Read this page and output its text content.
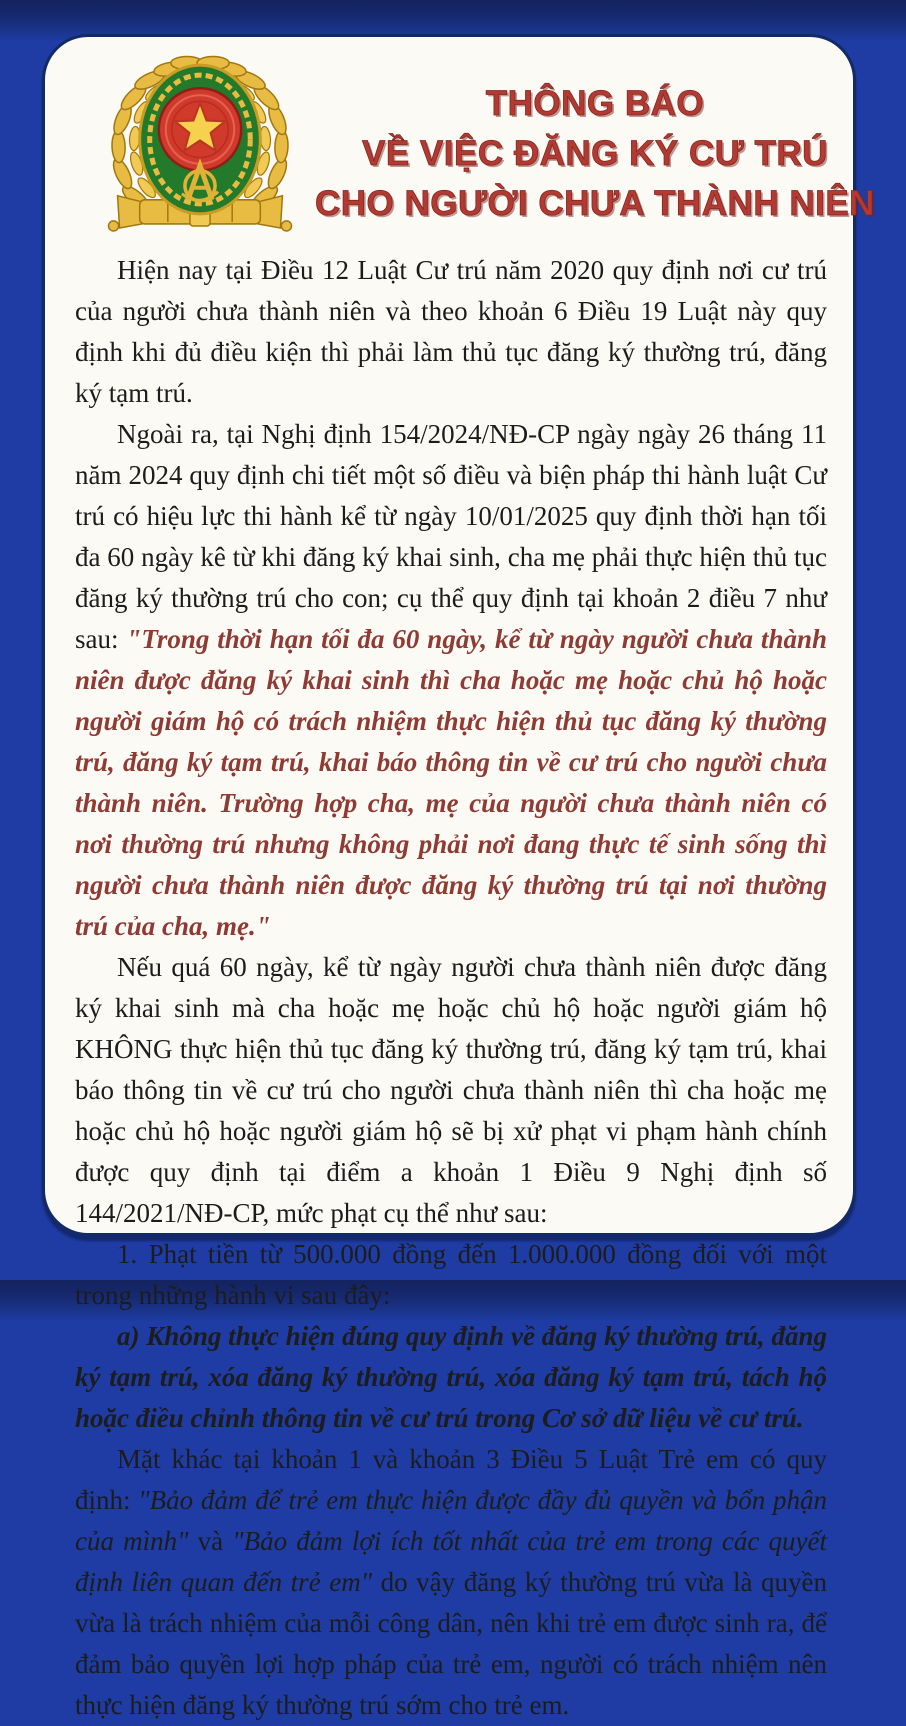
THÔNG BÁO
VỀ VIỆC ĐĂNG KÝ CƯ TRÚ
CHO NGƯỜI CHƯA THÀNH NIÊN

Hiện nay tại Điều 12 Luật Cư trú năm 2020 quy định nơi cư trú của người chưa thành niên và theo khoản 6 Điều 19 Luật này quy định khi đủ điều kiện thì phải làm thủ tục đăng ký thường trú, đăng ký tạm trú.

Ngoài ra, tại Nghị định 154/2024/NĐ-CP ngày ngày 26 tháng 11 năm 2024 quy định chi tiết một số điều và biện pháp thi hành luật Cư trú có hiệu lực thi hành kể từ ngày 10/01/2025 quy định thời hạn tối đa 60 ngày kê từ khi đăng ký khai sinh, cha mẹ phải thực hiện thủ tục đăng ký thường trú cho con; cụ thể quy định tại khoản 2 điều 7 như sau: "Trong thời hạn tối đa 60 ngày, kể từ ngày người chưa thành niên được đăng ký khai sinh thì cha hoặc mẹ hoặc chủ hộ hoặc người giám hộ có trách nhiệm thực hiện thủ tục đăng ký thường trú, đăng ký tạm trú, khai báo thông tin về cư trú cho người chưa thành niên. Trường hợp cha, mẹ của người chưa thành niên có nơi thường trú nhưng không phải nơi đang thực tế sinh sống thì người chưa thành niên được đăng ký thường trú tại nơi thường trú của cha, mẹ."

Nếu quá 60 ngày, kể từ ngày người chưa thành niên được đăng ký khai sinh mà cha hoặc mẹ hoặc chủ hộ hoặc người giám hộ KHÔNG thực hiện thủ tục đăng ký thường trú, đăng ký tạm trú, khai báo thông tin về cư trú cho người chưa thành niên thì cha hoặc mẹ hoặc chủ hộ hoặc người giám hộ sẽ bị xử phạt vi phạm hành chính được quy định tại điểm a khoản 1 Điều 9 Nghị định số 144/2021/NĐ-CP, mức phạt cụ thể như sau:

1. Phạt tiền từ 500.000 đồng đến 1.000.000 đồng đối với một trong những hành vi sau đây:

a) Không thực hiện đúng quy định về đăng ký thường trú, đăng ký tạm trú, xóa đăng ký thường trú, xóa đăng ký tạm trú, tách hộ hoặc điều chỉnh thông tin về cư trú trong Cơ sở dữ liệu về cư trú.

Mặt khác tại khoản 1 và khoản 3 Điều 5 Luật Trẻ em có quy định: "Bảo đảm để trẻ em thực hiện được đầy đủ quyền và bổn phận của mình" và "Bảo đảm lợi ích tốt nhất của trẻ em trong các quyết định liên quan đến trẻ em" do vậy đăng ký thường trú vừa là quyền vừa là trách nhiệm của mỗi công dân, nên khi trẻ em được sinh ra, để đảm bảo quyền lợi hợp pháp của trẻ em, người có trách nhiệm nên thực hiện đăng ký thường trú sớm cho trẻ em.
